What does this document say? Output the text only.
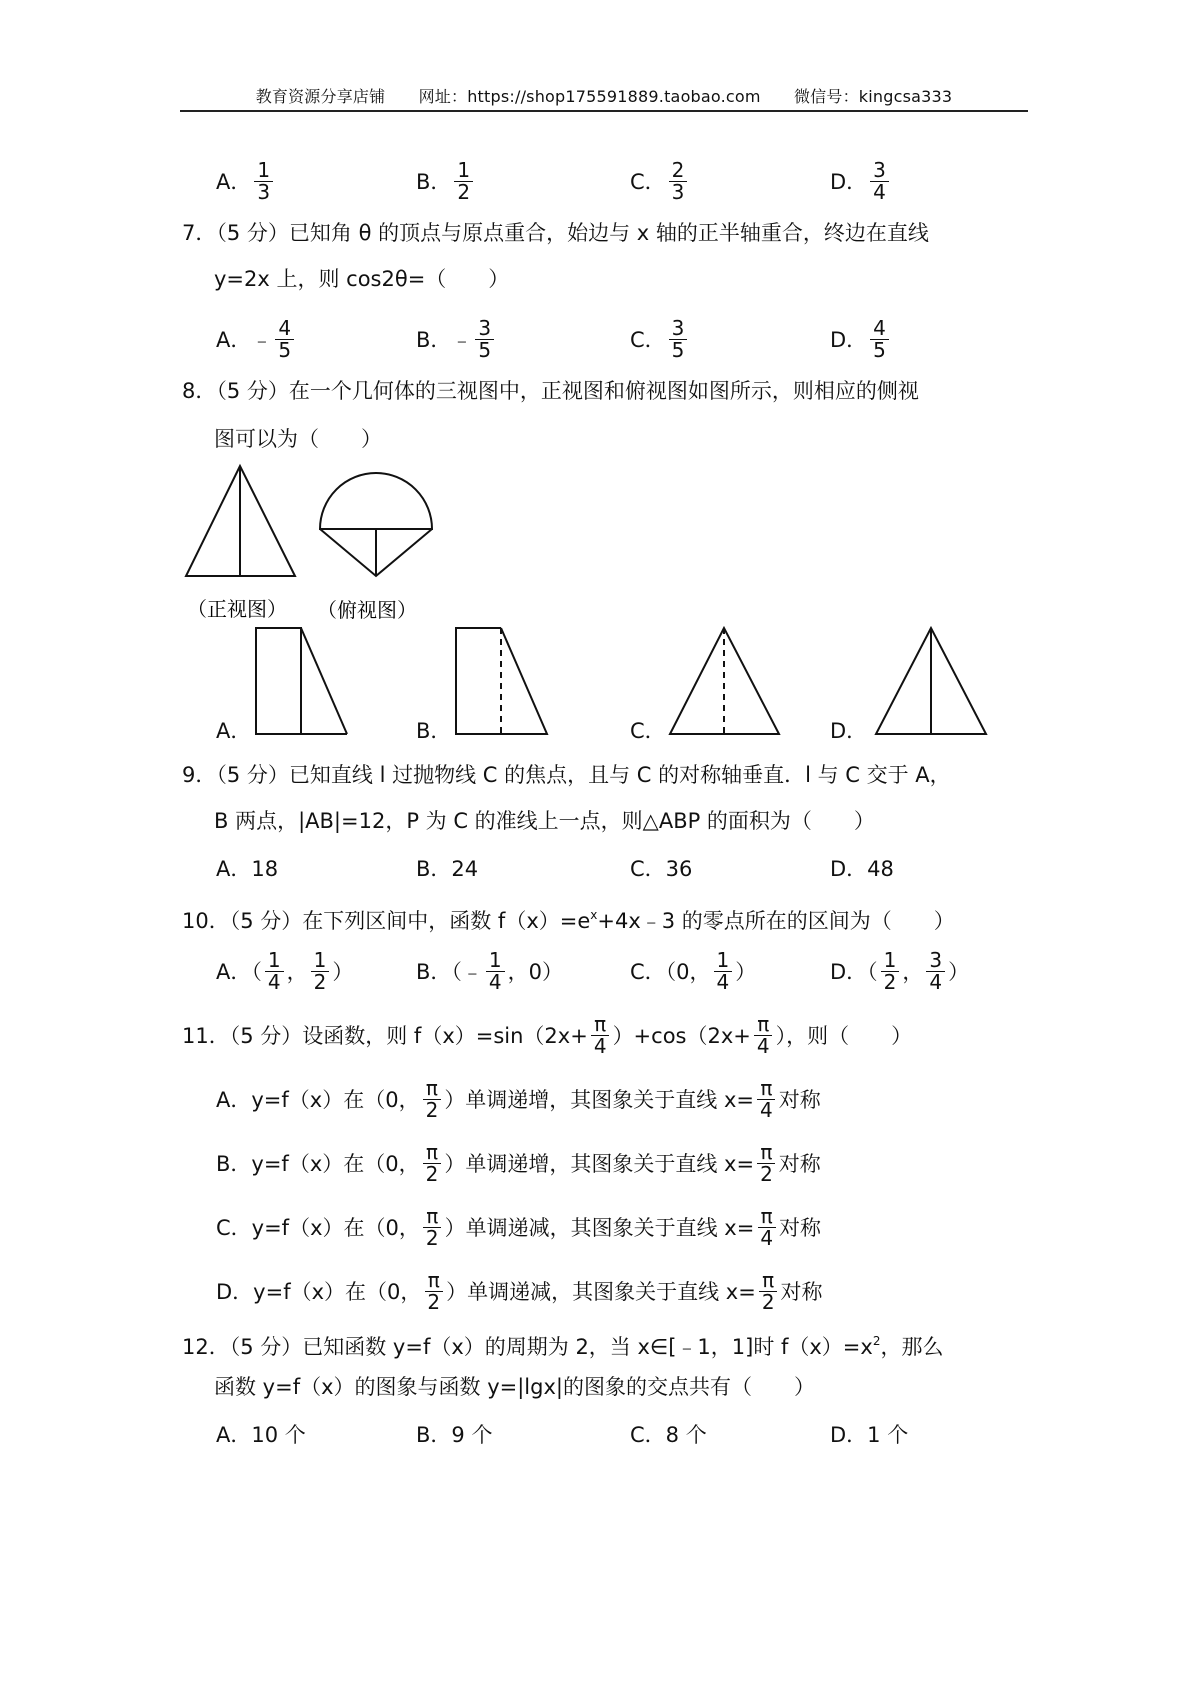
教育资源分享店铺 网址：https://shop175591889.taobao.com 微信号：kingcsa333
A． $\frac{1}{3}$	B． $\frac{1}{2}$	C． $\frac{2}{3}$	D． $\frac{3}{4}$
7．（5 分）已知角 θ 的顶点与原点重合，始边与 x 轴的正半轴重合，终边在直线
y=2x 上，则 cos2θ=（　　）
A． ﹣ $\frac{4}{5}$	B． ﹣ $\frac{3}{5}$	C． $\frac{3}{5}$	D． $\frac{4}{5}$
8．（5 分）在一个几何体的三视图中，正视图和俯视图如图所示，则相应的侧视
图可以为（　　）
（正视图） （俯视图）
A．	B．	C．	D．
9．（5 分）已知直线 l 过抛物线 C 的焦点，且与 C 的对称轴垂直．l 与 C 交于 A，
B 两点，|AB|=12，P 为 C 的准线上一点，则△ABP 的面积为（　　）
A．18	B．24	C．36	D．48
10．（5 分）在下列区间中，函数 $f(x)=e^x+4x﹣3$ 的零点所在的区间为（　　）
A．（ $\frac{1}{4}$ ， $\frac{1}{2}$ ）	B．（﹣ $\frac{1}{4}$ ，0）	C．（0， $\frac{1}{4}$ ）	D．（ $\frac{1}{2}$ ， $\frac{3}{4}$ ）
11．（5 分）设函数，则 $f(x)=\sin(2x+ \frac{\pi}{4} )+\cos(2x+ \frac{\pi}{4}$ ），则（　　）
A．y=f（x）在（0， $\frac{\pi}{2}$ ）单调递增，其图象关于直线 $x= \frac{\pi}{4}$ 对称
B．y=f（x）在（0， $\frac{\pi}{2}$ ）单调递增，其图象关于直线 $x= \frac{\pi}{2}$ 对称
C．y=f（x）在（0， $\frac{\pi}{2}$ ）单调递减，其图象关于直线 $x= \frac{\pi}{4}$ 对称
D．y=f（x）在（0， $\frac{\pi}{2}$ ）单调递减，其图象关于直线 $x= \frac{\pi}{2}$ 对称
12．（5 分）已知函数 y=f（x）的周期为 2，当 x∈[﹣1，1]时 $f(x)=x^2$，那么
函数 y=f（x）的图象与函数 y=|lgx|的图象的交点共有（　　）
A．10 个	B．9 个	C．8 个	D．1 个
